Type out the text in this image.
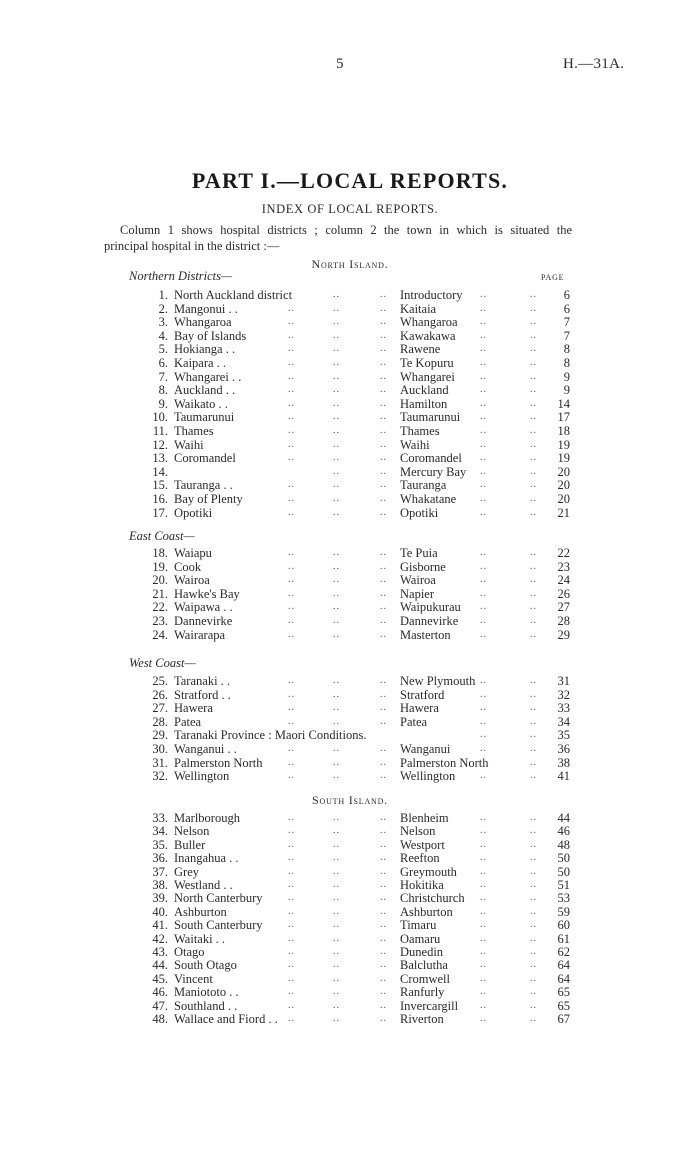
5	H.—31A.
PART I.—LOCAL REPORTS.
INDEX OF LOCAL REPORTS.
Column 1 shows hospital districts ; column 2 the town in which is situated the
principal hospital in the district :—
North Island.
PAGE
Northern Districts—
1. North Auckland district	..	.. Introductory ..	.. 6
2. Mangonui . .	..	..	.. Kaitaia	..	.. 6
3. Whangaroa	..	..	.. Whangaroa ..	.. 7
4. Bay of Islands	..	..	.. Kawakawa ..	.. 7
5. Hokianga . .	..	..	.. Rawene	..	.. 8
6. Kaipara . .	..	..	.. Te Kopuru	..	.. 8
7. Whangarei . .	..	..	.. Whangarei	..	.. 9
8. Auckland . .	..	..	.. Auckland	..	.. 9
9. Waikato . .	..	..	.. Hamilton	..	.. 14
10. Taumarunui	..	..	.. Taumarunui ..	.. 17
11. Thames	..	..	.. Thames	..	.. 18
12. Waihi	..	..	.. Waihi	..	.. 19
13. Coromandel	..	..	.. Coromandel ..	.. 19
14.	..	.. Mercury Bay ..	.. 20
15. Tauranga . .	..	..	.. Tauranga	..	.. 20
16. Bay of Plenty	..	..	.. Whakatane ..	.. 20
17. Opotiki	..	..	.. Opotiki	..	.. 21
East Coast—
18. Waiapu	..	..	.. Te Puia	..	.. 22
19. Cook	..	..	.. Gisborne	..	.. 23
20. Wairoa	..	..	.. Wairoa	..	.. 24
21. Hawke's Bay	..	..	.. Napier	..	.. 26
22. Waipawa . .	..	..	.. Waipukurau ..	.. 27
23. Dannevirke	..	..	.. Dannevirke ..	.. 28
24. Wairarapa	..	..	.. Masterton	..	.. 29
West Coast—
25. Taranaki . .	..	..	.. New Plymouth ..	.. 31
26. Stratford . .	..	..	.. Stratford	..	.. 32
27. Hawera	..	..	.. Hawera	..	.. 33
28. Patea	..	..	.. Patea	..	.. 34
29. Taranaki Province : Maori Conditions.	..	.. 35
30. Wanganui . .	..	..	.. Wanganui	..	.. 36
31. Palmerston North	..	..	.. Palmerston North	.. 38
32. Wellington	..	..	.. Wellington ..	.. 41
South Island.
33. Marlborough	..	..	.. Blenheim	..	.. 44
34. Nelson	..	..	.. Nelson	..	.. 46
35. Buller	..	..	.. Westport	..	.. 48
36. Inangahua . .	..	..	.. Reefton	..	.. 50
37. Grey	..	..	.. Greymouth ..	.. 50
38. Westland . .	..	..	.. Hokitika	..	.. 51
39. North Canterbury	..	..	.. Christchurch ..	.. 53
40. Ashburton	..	..	.. Ashburton	..	.. 59
41. South Canterbury	..	..	.. Timaru	..	.. 60
42. Waitaki . .	..	..	.. Oamaru	..	.. 61
43. Otago	..	..	.. Dunedin	..	.. 62
44. South Otago	..	..	.. Balclutha	..	.. 64
45. Vincent	..	..	.. Cromwell	..	.. 64
46. Maniototo . .	..	..	.. Ranfurly	..	.. 65
47. Southland . .	..	..	.. Invercargill ..	.. 65
48. Wallace and Fiord . . ..	..	.. Riverton	..	.. 67
